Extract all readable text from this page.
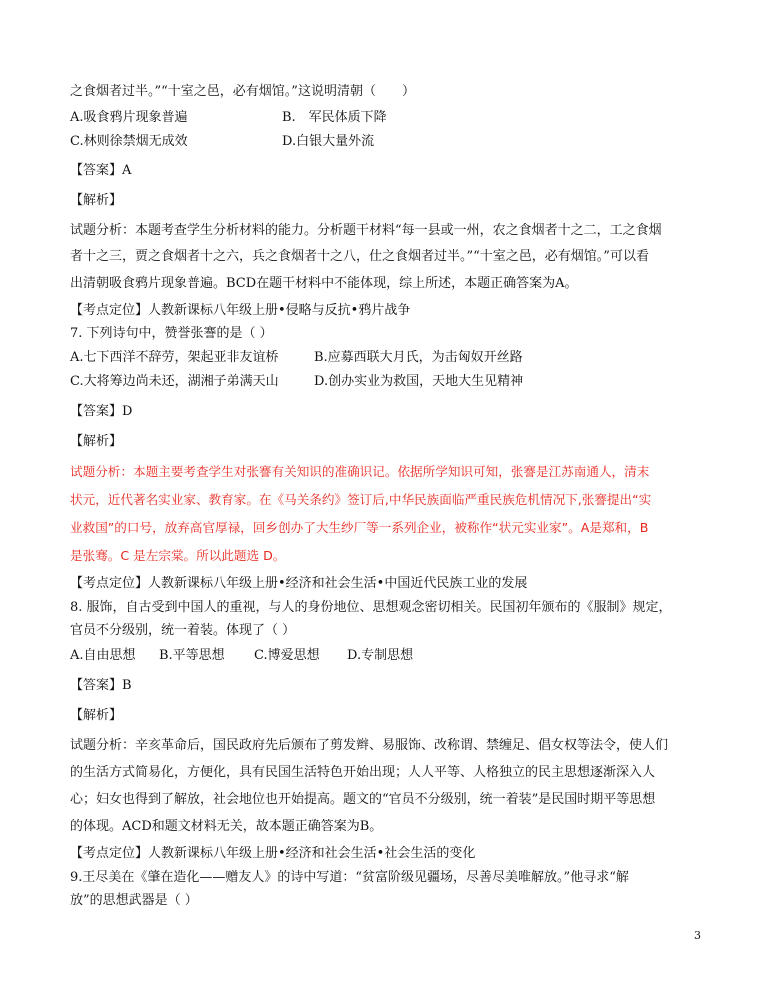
之食烟者过半。”“十室之邑，必有烟馆。”这说明清朝（　　）
A.吸食鸦片现象普遍	B.　军民体质下降
C.林则徐禁烟无成效	D.白银大量外流
【答案】A
【解析】
试题分析：本题考查学生分析材料的能力。分析题干材料“每一县或一州，农之食烟者十之二，工之食烟
者十之三，贾之食烟者十之六，兵之食烟者十之八，仕之食烟者过半。”“十室之邑，必有烟馆。”可以看
出清朝吸食鸦片现象普遍。BCD在题干材料中不能体现，综上所述，本题正确答案为A。
【考点定位】人教新课标八年级上册•侵略与反抗•鸦片战争
7. 下列诗句中，赞誉张謇的是（ ）
A.七下西洋不辞劳，架起亚非友谊桥	B.应募西联大月氏，为击匈奴开丝路
C.大将筹边尚未还，湖湘子弟满天山	D.创办实业为救国，天地大生见精神
【答案】D
【解析】
试题分析：本题主要考查学生对张謇有关知识的准确识记。依据所学知识可知，张謇是江苏南通人，清末
状元，近代著名实业家、教育家。在《马关条约》签订后,中华民族面临严重民族危机情况下,张謇提出“实
业救国”的口号，放弃高官厚禄，回乡创办了大生纱厂等一系列企业，被称作“状元实业家”。A是郑和，B
是张骞。C 是左宗棠。所以此题选 D。
【考点定位】人教新课标八年级上册•经济和社会生活•中国近代民族工业的发展
8. 服饰，自古受到中国人的重视，与人的身份地位、思想观念密切相关。民国初年颁布的《服制》规定，
官员不分级别，统一着装。体现了（ ）
A.自由思想 B.平等思想 C.博爱思想 D.专制思想
【答案】B
【解析】
试题分析：辛亥革命后，国民政府先后颁布了剪发辫、易服饰、改称谓、禁缠足、倡女权等法令，使人们
的生活方式简易化，方便化，具有民国生活特色开始出现；人人平等、人格独立的民主思想逐渐深入人
心；妇女也得到了解放，社会地位也开始提高。题文的“官员不分级别，统一着装”是民国时期平等思想
的体现。ACD和题文材料无关，故本题正确答案为B。
【考点定位】人教新课标八年级上册•经济和社会生活•社会生活的变化
9.王尽美在《肇在造化——赠友人》的诗中写道：“贫富阶级见疆场，尽善尽美唯解放。”他寻求“解
放”的思想武器是（ ）
3
